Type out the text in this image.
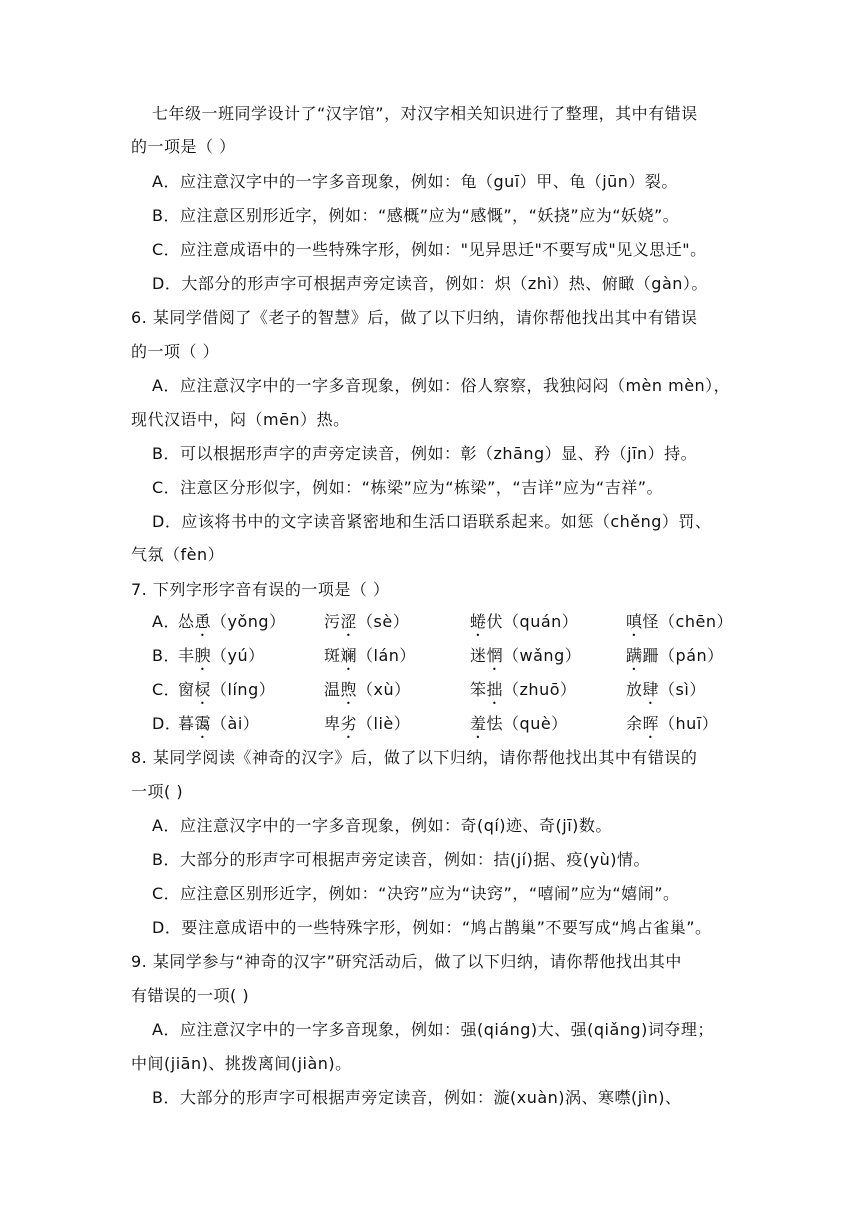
七年级一班同学设计了“汉字馆”，对汉字相关知识进行了整理，其中有错误
的一项是（ ）
A．应注意汉字中的一字多音现象，例如：龟（guī）甲、龟（jūn）裂。
B．应注意区别形近字，例如：“感概”应为“感慨”，“妖挠”应为“妖娆”。
C．应注意成语中的一些特殊字形，例如："见异思迁"不要写成"见义思迁"。
D．大部分的形声字可根据声旁定读音，例如：炽（zhì）热、俯瞰（gàn）。
6. 某同学借阅了《老子的智慧》后，做了以下归纳，请你帮他找出其中有错误
的一项（ ）
A．应注意汉字中的一字多音现象，例如：俗人察察，我独闷闷（mèn mèn），
现代汉语中，闷（mēn）热。
B．可以根据形声字的声旁定读音，例如：彰（zhāng）显、矜（jīn）持。
C．注意区分形似字，例如：“栋梁”应为“栋梁”，“吉详”应为“吉祥”。
D．应该将书中的文字读音紧密地和生活口语联系起来。如惩（chěng）罚、
气氛（fèn）
7. 下列字形字音有误的一项是（ ）
A．
怂恿（yǒng） 污涩（sè）	蜷伏（quán）	嗔怪（chēn）
B．
丰腴（yú）	斑斓（lán）	迷惘（wǎng）	蹒跚（pán）
C．
窗棂（líng）	温煦（xù）	笨拙（zhuō）	放肆（sì）
D．
暮霭（ài）	卑劣（liè）	羞怯（què）	余晖（huī）
8. 某同学阅读《神奇的汉字》后，做了以下归纳，请你帮他找出其中有错误的
一项( )
A．应注意汉字中的一字多音现象，例如：奇(qí)迹、奇(jī)数。
B．大部分的形声字可根据声旁定读音，例如：拮(jí)据、疫(yù)情。
C．应注意区别形近字，例如：“决窍”应为“诀窍”，“嘻闹”应为“嬉闹”。
D．要注意成语中的一些特殊字形，例如：“鸠占鹊巢”不要写成“鸠占雀巢”。
9. 某同学参与“神奇的汉字”研究活动后，做了以下归纳，请你帮他找出其中
有错误的一项( )
A．应注意汉字中的一字多音现象，例如：强(qiáng)大、强(qiǎng)词夺理；
中间(jiān)、挑拨离间(jiàn)。
B．大部分的形声字可根据声旁定读音，例如：漩(xuàn)涡、寒噤(jìn)、
